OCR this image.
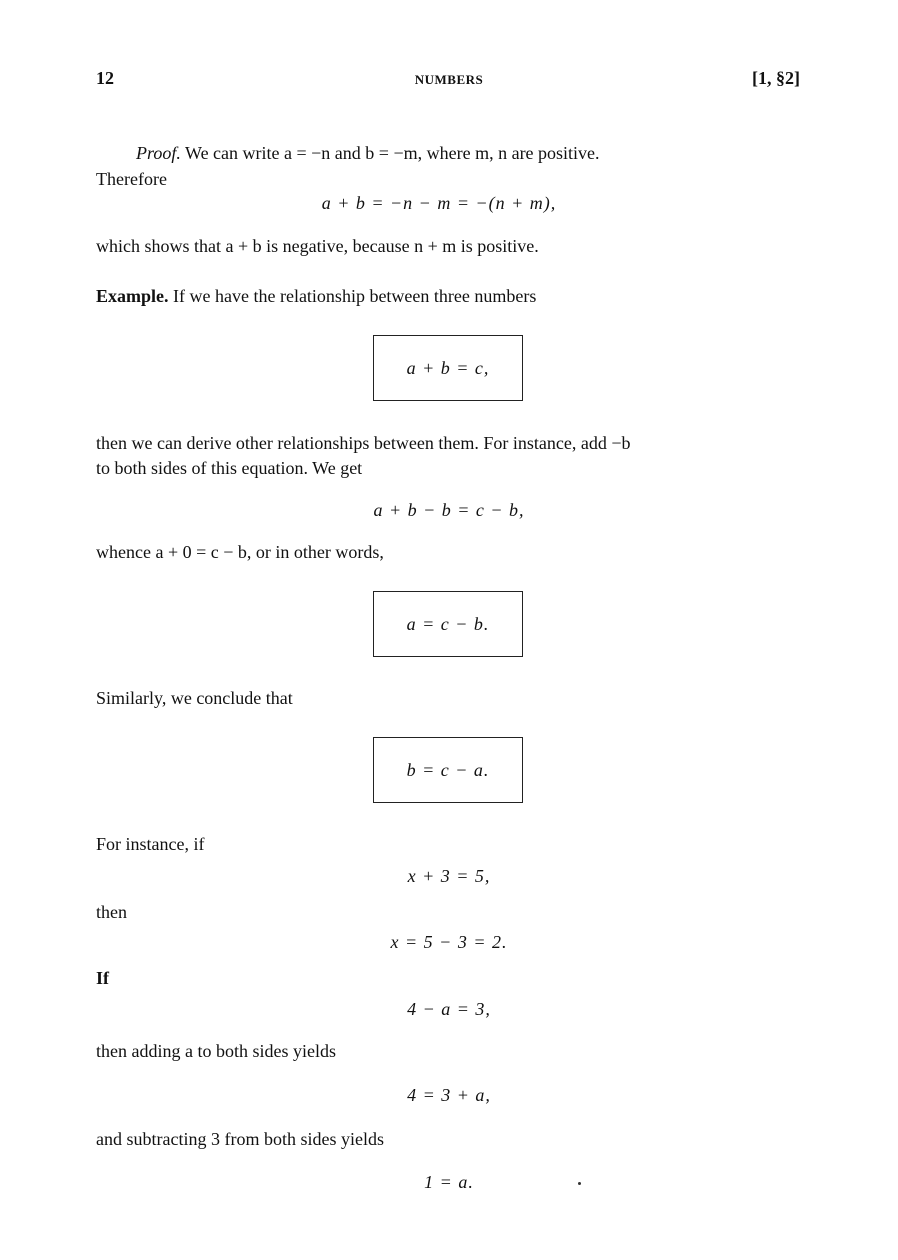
12	NUMBERS	[1, §2]
Proof. We can write a = −n and b = −m, where m, n are positive.
Therefore
a + b = −n − m = −(n + m),
which shows that a + b is negative, because n + m is positive.
Example. If we have the relationship between three numbers
a + b = c,
then we can derive other relationships between them. For instance, add −b
to both sides of this equation. We get
a + b − b = c − b,
whence a + 0 = c − b, or in other words,
a = c − b.
Similarly, we conclude that
b = c − a.
For instance, if
x + 3 = 5,
then
x = 5 − 3 = 2.
If
4 − a = 3,
then adding a to both sides yields
4 = 3 + a,
and subtracting 3 from both sides yields
1 = a.
